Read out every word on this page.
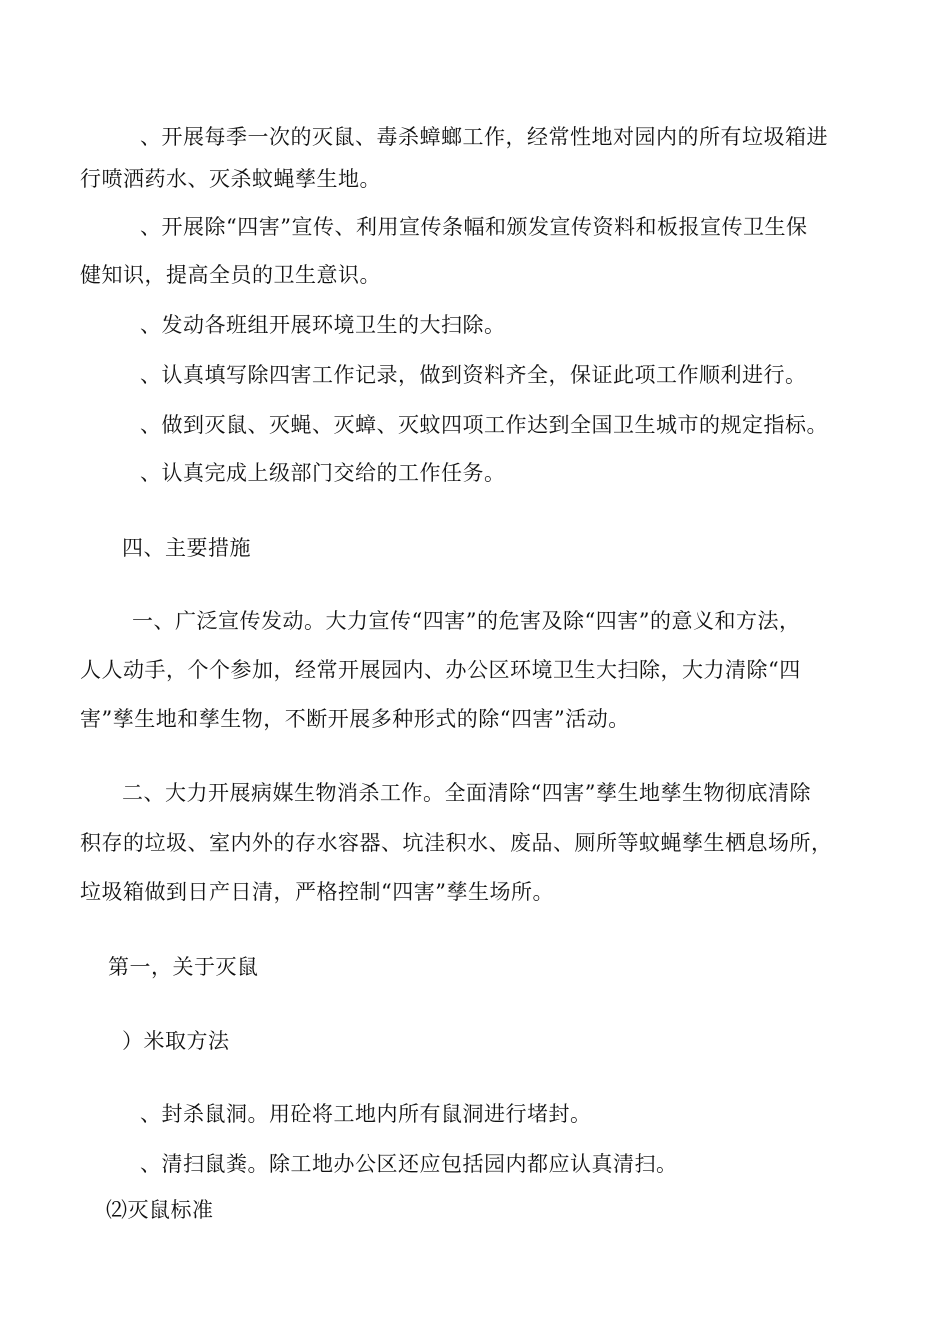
、开展每季一次的灭鼠、毒杀蟑螂工作，经常性地对园内的所有垃圾箱进
行喷洒药水、灭杀蚊蝇孳生地。
、开展除“四害”宣传、利用宣传条幅和颁发宣传资料和板报宣传卫生保
健知识，提高全员的卫生意识。
、发动各班组开展环境卫生的大扫除。
、认真填写除四害工作记录，做到资料齐全，保证此项工作顺利进行。
、做到灭鼠、灭蝇、灭蟑、灭蚊四项工作达到全国卫生城市的规定指标。
、认真完成上级部门交给的工作任务。
四、主要措施
一、广泛宣传发动。大力宣传“四害”的危害及除“四害”的意义和方法，
人人动手，个个参加，经常开展园内、办公区环境卫生大扫除，大力清除“四
害”孳生地和孳生物，不断开展多种形式的除“四害”活动。
二、大力开展病媒生物消杀工作。全面清除“四害”孳生地孳生物彻底清除
积存的垃圾、室内外的存水容器、坑洼积水、废品、厕所等蚊蝇孳生栖息场所，
垃圾箱做到日产日清，严格控制“四害”孳生场所。
第一，关于灭鼠
）米取方法
、封杀鼠洞。用砼将工地内所有鼠洞进行堵封。
、清扫鼠粪。除工地办公区还应包括园内都应认真清扫。
⑵灭鼠标准
